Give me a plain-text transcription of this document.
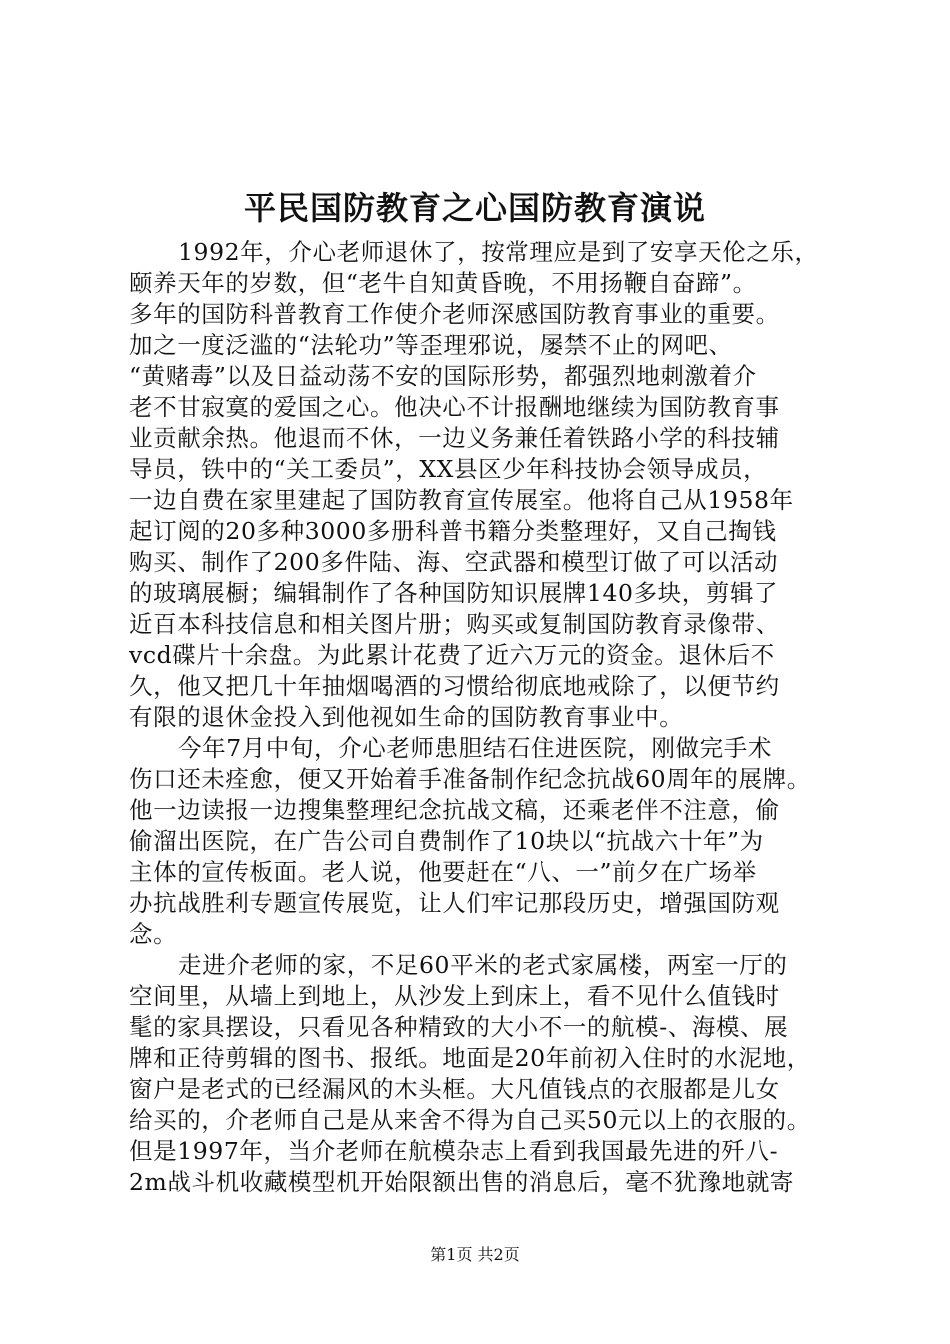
平民国防教育之心国防教育演说
1992年，介心老师退休了，按常理应是到了安享天伦之乐，
颐养天年的岁数，但“老牛自知黄昏晚，不用扬鞭自奋蹄”。
多年的国防科普教育工作使介老师深感国防教育事业的重要。
加之一度泛滥的“法轮功”等歪理邪说，屡禁不止的网吧、
“黄赌毒”以及日益动荡不安的国际形势，都强烈地刺激着介
老不甘寂寞的爱国之心。他决心不计报酬地继续为国防教育事
业贡献余热。他退而不休，一边义务兼任着铁路小学的科技辅
导员，铁中的“关工委员”，XX县区少年科技协会领导成员，
一边自费在家里建起了国防教育宣传展室。他将自己从1958年
起订阅的20多种3000多册科普书籍分类整理好，又自己掏钱
购买、制作了200多件陆、海、空武器和模型订做了可以活动
的玻璃展橱；编辑制作了各种国防知识展牌140多块，剪辑了
近百本科技信息和相关图片册；购买或复制国防教育录像带、
vcd碟片十余盘。为此累计花费了近六万元的资金。退休后不
久，他又把几十年抽烟喝酒的习惯给彻底地戒除了，以便节约
有限的退休金投入到他视如生命的国防教育事业中。
今年7月中旬，介心老师患胆结石住进医院，刚做完手术
伤口还未痊愈，便又开始着手准备制作纪念抗战60周年的展牌。
他一边读报一边搜集整理纪念抗战文稿，还乘老伴不注意，偷
偷溜出医院，在广告公司自费制作了10块以“抗战六十年”为
主体的宣传板面。老人说，他要赶在“八、一”前夕在广场举
办抗战胜利专题宣传展览，让人们牢记那段历史，增强国防观
念。
走进介老师的家，不足60平米的老式家属楼，两室一厅的
空间里，从墙上到地上，从沙发上到床上，看不见什么值钱时
髦的家具摆设，只看见各种精致的大小不一的航模-、海模、展
牌和正待剪辑的图书、报纸。地面是20年前初入住时的水泥地，
窗户是老式的已经漏风的木头框。大凡值钱点的衣服都是儿女
给买的，介老师自己是从来舍不得为自己买50元以上的衣服的。
但是1997年，当介老师在航模杂志上看到我国最先进的歼八-
2m战斗机收藏模型机开始限额出售的消息后，毫不犹豫地就寄
第1页 共2页
